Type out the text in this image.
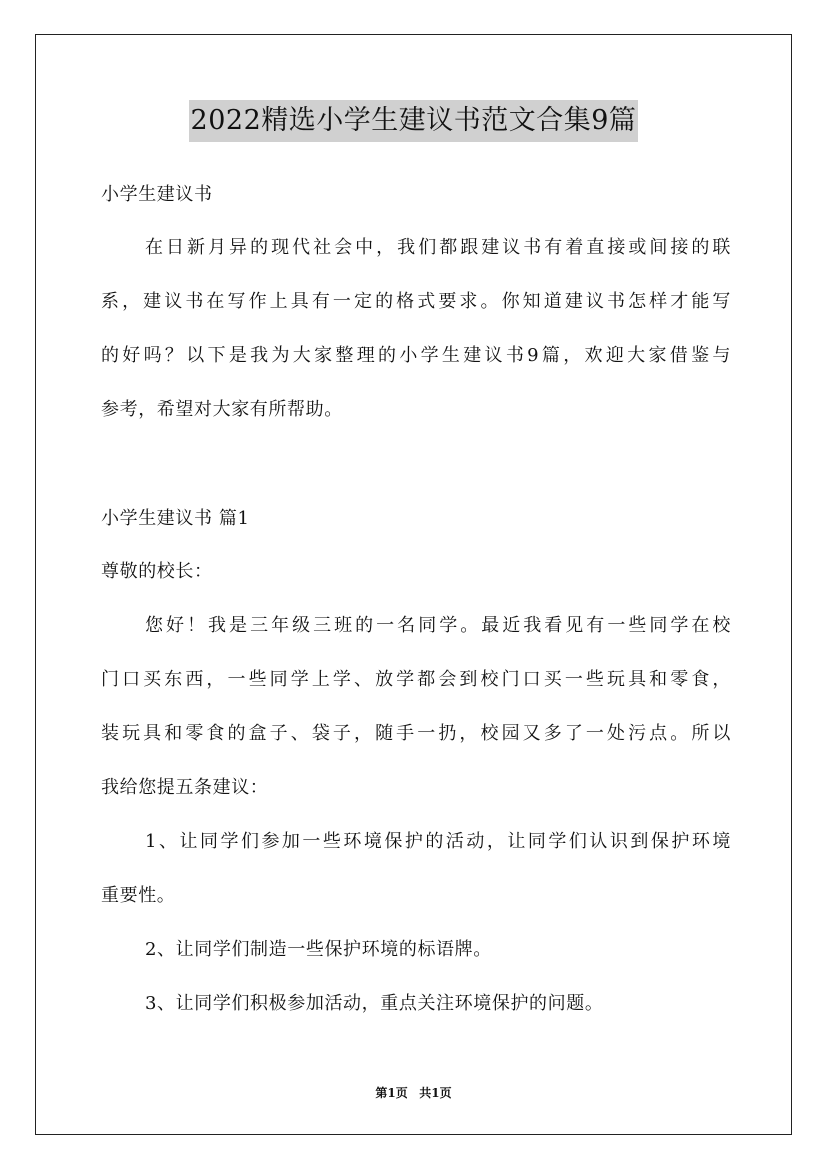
2022精选小学生建议书范文合集9篇
小学生建议书
在日新月异的现代社会中，我们都跟建议书有着直接或间接的联
系，建议书在写作上具有一定的格式要求。你知道建议书怎样才能写
的好吗？以下是我为大家整理的小学生建议书9篇，欢迎大家借鉴与
参考，希望对大家有所帮助。
小学生建议书 篇1
尊敬的校长：
您好！我是三年级三班的一名同学。最近我看见有一些同学在校
门口买东西，一些同学上学、放学都会到校门口买一些玩具和零食，
装玩具和零食的盒子、袋子，随手一扔，校园又多了一处污点。所以
我给您提五条建议：
1、让同学们参加一些环境保护的活动，让同学们认识到保护环境
重要性。
2、让同学们制造一些保护环境的标语牌。
3、让同学们积极参加活动，重点关注环境保护的问题。
第1页 共1页
